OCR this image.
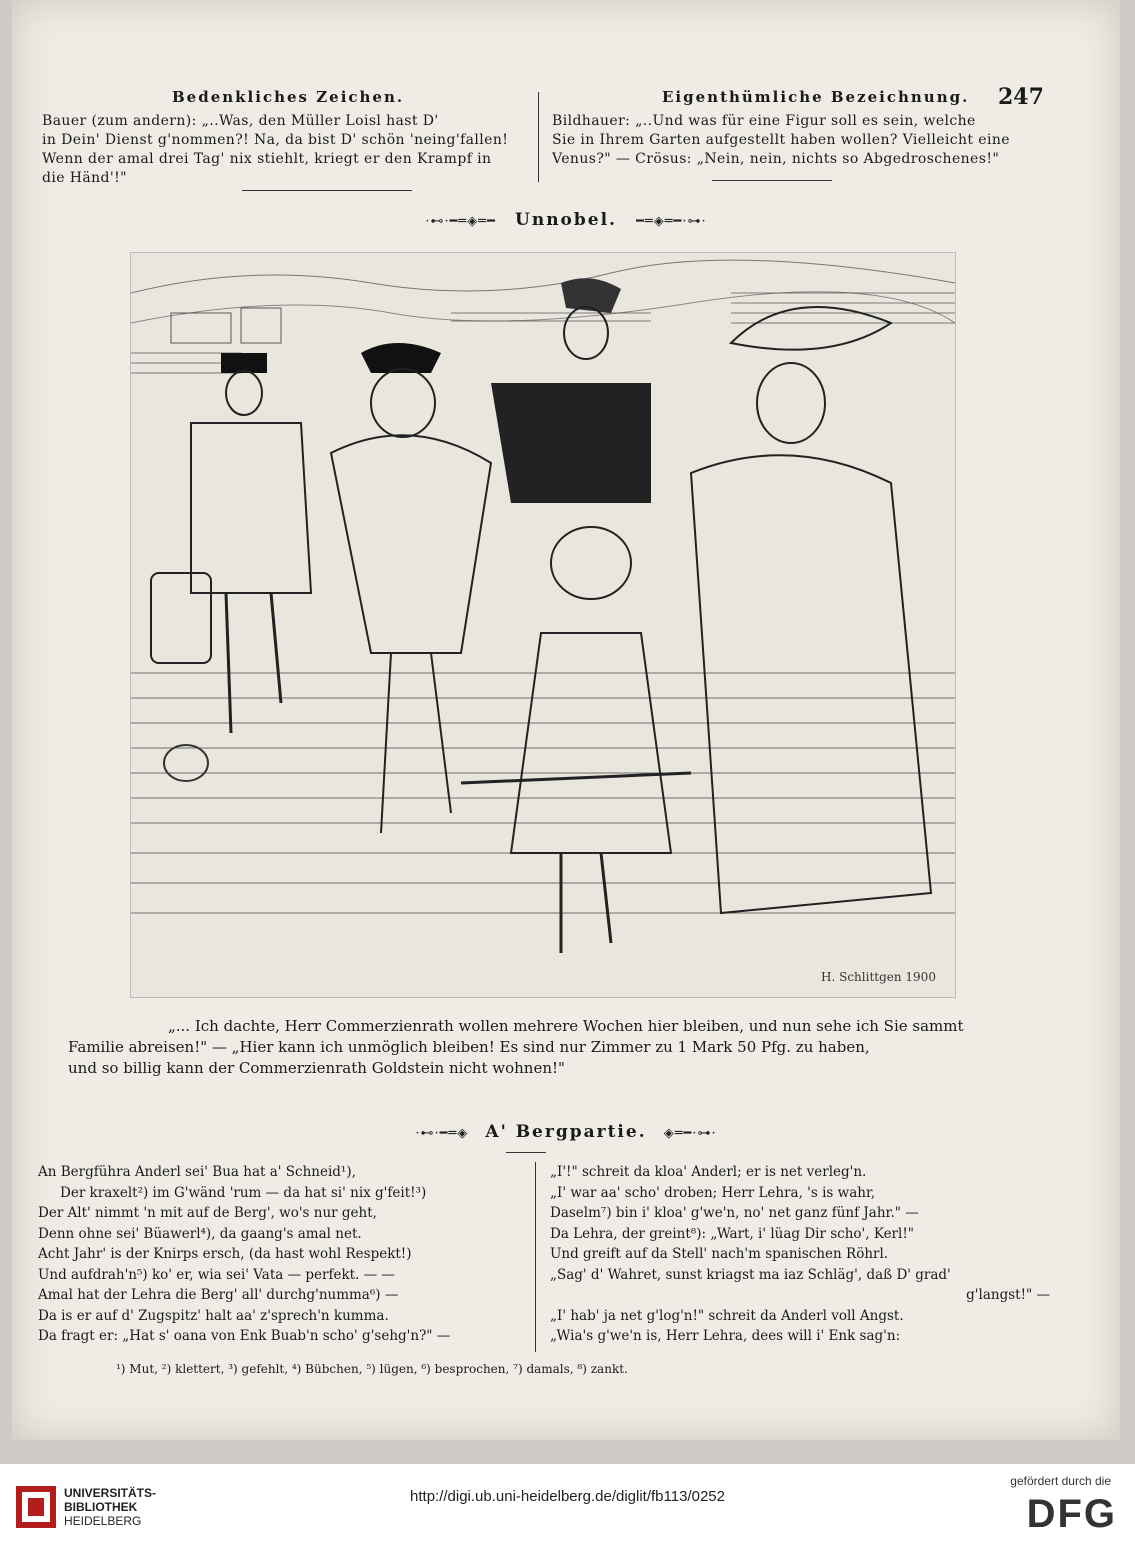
Bedenkliches Zeichen.	Eigenthümliche Bezeichnung. 247
Bauer (zum andern): „..Was, den Müller Loisl hast D'
in Dein' Dienst g'nommen?! Na, da bist D' schön 'neing'fallen!
Wenn der amal drei Tag' nix stiehlt, kriegt er den Krampf in
die Händ'!"
Bildhauer: „..Und was für eine Figur soll es sein, welche
Sie in Ihrem Garten aufgestellt haben wollen? Vielleicht eine
Venus?" — Crösus: „Nein, nein, nichts so Abgedroschenes!"
·⊷·━═◈═━ Unnobel. ━═◈═━·⊶·
H. Schlittgen 1900
„... Ich dachte, Herr Commerzienrath wollen mehrere Wochen hier bleiben, und nun sehe ich Sie sammt
Familie abreisen!" — „Hier kann ich unmöglich bleiben! Es sind nur Zimmer zu 1 Mark 50 Pfg. zu haben,
und so billig kann der Commerzienrath Goldstein nicht wohnen!"
·⊷·━═◈ A' Bergpartie. ◈═━·⊶·
An Bergführa Anderl sei' Bua hat a' Schneid¹),
Der kraxelt²) im G'wänd 'rum — da hat si' nix g'feit!³)
Der Alt' nimmt 'n mit auf de Berg', wo's nur geht,
Denn ohne sei' Büawerl⁴), da gaang's amal net.
Acht Jahr' is der Knirps ersch, (da hast wohl Respekt!)
Und aufdrah'n⁵) ko' er, wia sei' Vata — perfekt. — —
Amal hat der Lehra die Berg' all' durchg'numma⁶) —
Da is er auf d' Zugspitz' halt aa' z'sprech'n kumma.
Da fragt er: „Hat s' oana von Enk Buab'n scho' g'sehg'n?" —
„I'!" schreit da kloa' Anderl; er is net verleg'n.
„I' war aa' scho' droben; Herr Lehra, 's is wahr,
Daselm⁷) bin i' kloa' g'we'n, no' net ganz fünf Jahr." —
Da Lehra, der greint⁸): „Wart, i' lüag Dir scho', Kerl!"
Und greift auf da Stell' nach'm spanischen Röhrl.
„Sag' d' Wahret, sunst kriagst ma iaz Schläg', daß D' grad'
g'langst!" —
„I' hab' ja net g'log'n!" schreit da Anderl voll Angst.
„Wia's g'we'n is, Herr Lehra, dees will i' Enk sag'n:
¹) Mut, ²) klettert, ³) gefehlt, ⁴) Bübchen, ⁵) lügen, ⁶) besprochen, ⁷) damals, ⁸) zankt.
UNIVERSITÄTS-
BIBLIOTHEK
HEIDELBERG
http://digi.ub.uni-heidelberg.de/diglit/fb113/0252
gefördert durch die
DFG
